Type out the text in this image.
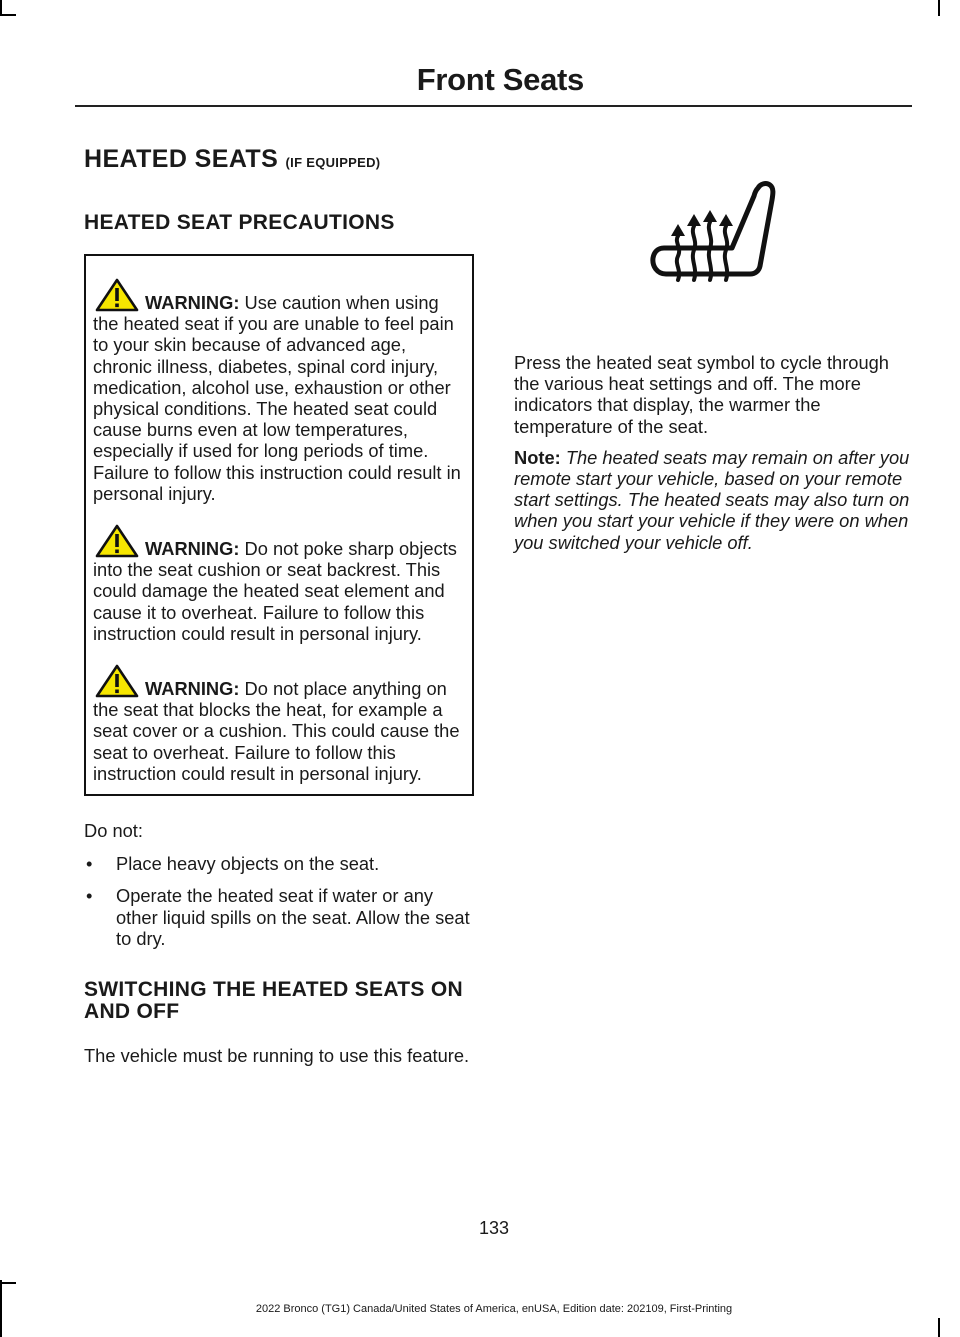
Front Seats
HEATED SEATS (IF EQUIPPED)
HEATED SEAT PRECAUTIONS

WARNING: Use caution when using the heated seat if you are unable to feel pain to your skin because of advanced age, chronic illness, diabetes, spinal cord injury, medication, alcohol use, exhaustion or other physical conditions. The heated seat could cause burns even at low temperatures, especially if used for long periods of time. Failure to follow this instruction could result in personal injury.

WARNING: Do not poke sharp objects into the seat cushion or seat backrest. This could damage the heated seat element and cause it to overheat. Failure to follow this instruction could result in personal injury.

WARNING: Do not place anything on the seat that blocks the heat, for example a seat cover or a cushion. This could cause the seat to overheat. Failure to follow this instruction could result in personal injury.

Do not:

• Place heavy objects on the seat.
• Operate the heated seat if water or any other liquid spills on the seat. Allow the seat to dry.
SWITCHING THE HEATED SEATS ON AND OFF

The vehicle must be running to use this feature.

Press the heated seat symbol to cycle through the various heat settings and off. The more indicators that display, the warmer the temperature of the seat.

Note: The heated seats may remain on after you remote start your vehicle, based on your remote start settings. The heated seats may also turn on when you start your vehicle if they were on when you switched your vehicle off.

133
2022 Bronco (TG1) Canada/United States of America, enUSA, Edition date: 202109, First-Printing
